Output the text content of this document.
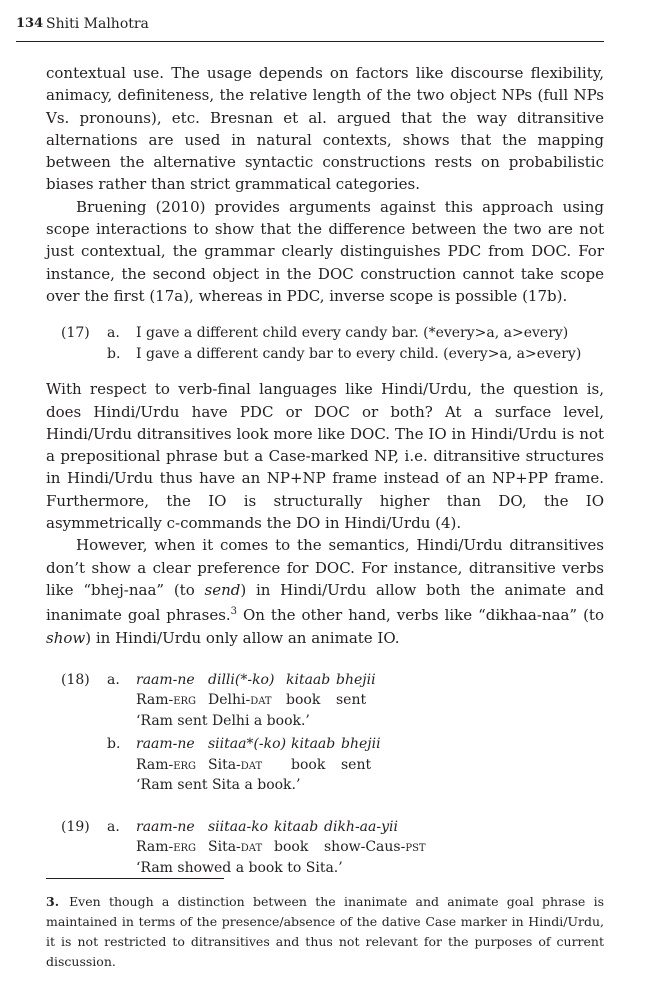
134 Shiti Malhotra

contextual use. The usage depends on factors like discourse flexibility, animacy, definiteness, the relative length of the two object NPs (full NPs Vs. pronouns), etc. Bresnan et al. argued that the way ditransitive alternations are used in natural contexts, shows that the mapping between the alternative syntactic constructions rests on probabilistic biases rather than strict grammatical categories.

Bruening (2010) provides arguments against this approach using scope interactions to show that the difference between the two are not just contextual, the grammar clearly distinguishes PDC from DOC. For instance, the second object in the DOC construction cannot take scope over the first (17a), whereas in PDC, inverse scope is possible (17b).

(17) a. I gave a different child every candy bar. (*every>a, a>every)
b. I gave a different candy bar to every child. (every>a, a>every)

With respect to verb-final languages like Hindi/Urdu, the question is, does Hindi/Urdu have PDC or DOC or both? At a surface level, Hindi/Urdu ditransitives look more like DOC. The IO in Hindi/Urdu is not a prepositional phrase but a Case-marked NP, i.e. ditransitive structures in Hindi/Urdu thus have an NP+NP frame instead of an NP+PP frame. Furthermore, the IO is structurally higher than DO, the IO asymmetrically c-commands the DO in Hindi/Urdu (4).

However, when it comes to the semantics, Hindi/Urdu ditransitives don’t show a clear preference for DOC. For instance, ditransitive verbs like “bhej-naa” (to send) in Hindi/Urdu allow both the animate and inanimate goal phrases.$^3$ On the other hand, verbs like “dikhaa-naa” (to show) in Hindi/Urdu only allow an animate IO.

(18) a. raam-ne dilli(*-ko) kitaab bhejii
Ram-erg Delhi-dat book sent
‘Ram sent Delhi a book.’
b. raam-ne siitaa*(-ko) kitaab bhejii
Ram-erg Sita-dat book sent
‘Ram sent Sita a book.’
(19) a. raam-ne siitaa-ko kitaab dikh-aa-yii
Ram-erg Sita-dat book show-Caus-pst
‘Ram showed a book to Sita.’
3. Even though a distinction between the inanimate and animate goal phrase is maintained in terms of the presence/absence of the dative Case marker in Hindi/Urdu, it is not restricted to ditransitives and thus not relevant for the purposes of current discussion.
